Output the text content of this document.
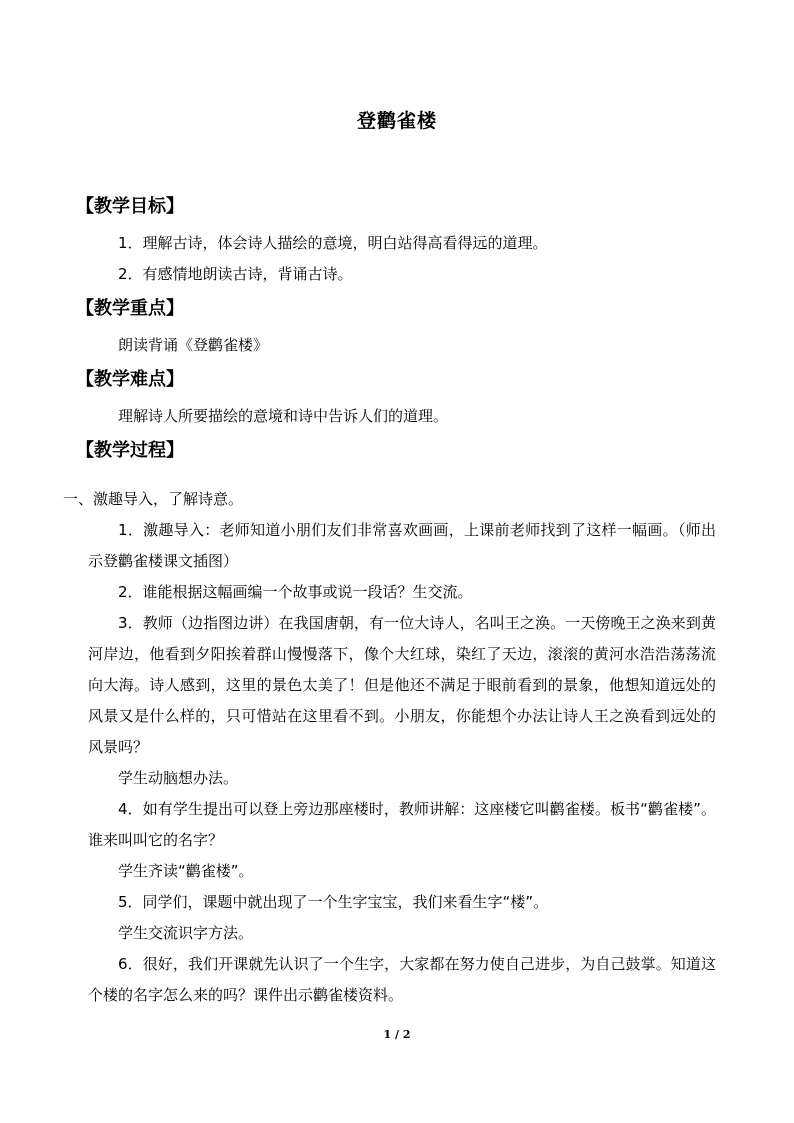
登鹳雀楼
【教学目标】

1．理解古诗，体会诗人描绘的意境，明白站得高看得远的道理。

2．有感情地朗读古诗，背诵古诗。

【教学重点】

朗读背诵《登鹳雀楼》

【教学难点】

理解诗人所要描绘的意境和诗中告诉人们的道理。

【教学过程】

一、激趣导入，了解诗意。

1．激趣导入：老师知道小朋们友们非常喜欢画画，上课前老师找到了这样一幅画。（师出示登鹳雀楼课文插图）

2．谁能根据这幅画编一个故事或说一段话？生交流。

3．教师（边指图边讲）在我国唐朝，有一位大诗人，名叫王之涣。一天傍晚王之涣来到黄河岸边，他看到夕阳挨着群山慢慢落下，像个大红球，染红了天边，滚滚的黄河水浩浩荡荡流向大海。诗人感到，这里的景色太美了！但是他还不满足于眼前看到的景象，他想知道远处的风景又是什么样的，只可惜站在这里看不到。小朋友，你能想个办法让诗人王之涣看到远处的风景吗？

学生动脑想办法。

4．如有学生提出可以登上旁边那座楼时，教师讲解：这座楼它叫鹳雀楼。板书“鹳雀楼”。谁来叫叫它的名字？

学生齐读“鹳雀楼”。

5．同学们，课题中就出现了一个生字宝宝，我们来看生字“楼”。

学生交流识字方法。

6．很好，我们开课就先认识了一个生字，大家都在努力使自己进步，为自己鼓掌。知道这个楼的名字怎么来的吗？课件出示鹳雀楼资料。

1 / 2
